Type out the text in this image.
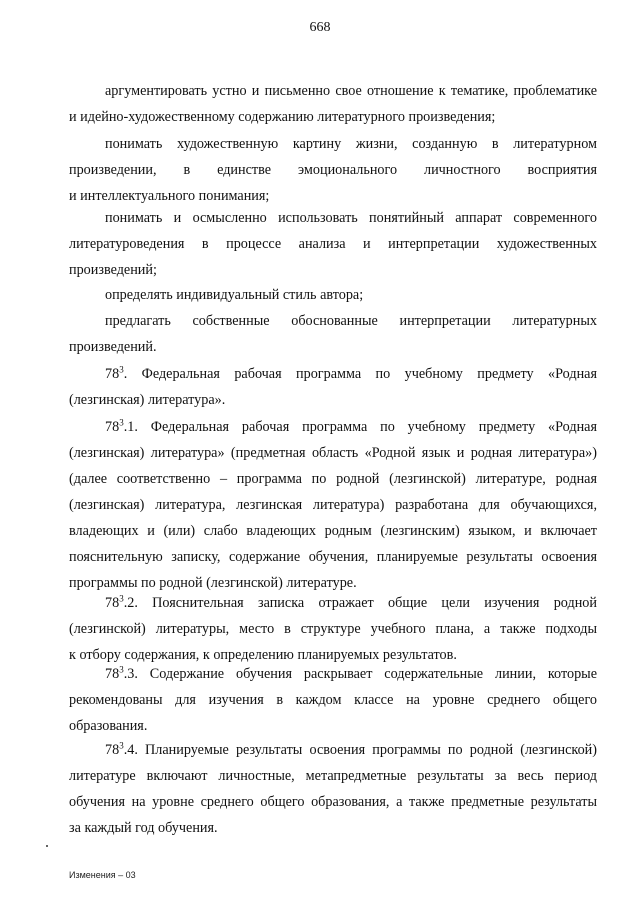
668
аргументировать устно и письменно свое отношение к тематике, проблематике
и идейно-художественному содержанию литературного произведения;
понимать художественную картину жизни, созданную в литературном
произведении, в единстве эмоционального личностного восприятия
и интеллектуального понимания;
понимать и осмысленно использовать понятийный аппарат современного
литературоведения в процессе анализа и интерпретации художественных
произведений;
определять индивидуальный стиль автора;
предлагать собственные обоснованные интерпретации литературных
произведений.
$78^3$. Федеральная рабочая программа по учебному предмету «Родная
(лезгинская) литература».
$78^3.1$. Федеральная рабочая программа по учебному предмету «Родная
(лезгинская) литература» (предметная область «Родной язык и родная литература»)
(далее соответственно – программа по родной (лезгинской) литературе, родная
(лезгинская) литература, лезгинская литература) разработана для обучающихся,
владеющих и (или) слабо владеющих родным (лезгинским) языком, и включает
пояснительную записку, содержание обучения, планируемые результаты освоения
программы по родной (лезгинской) литературе.
$78^3.2$. Пояснительная записка отражает общие цели изучения родной
(лезгинской) литературы, место в структуре учебного плана, а также подходы
к отбору содержания, к определению планируемых результатов.
$78^3.3$. Содержание обучения раскрывает содержательные линии, которые
рекомендованы для изучения в каждом классе на уровне среднего общего
образования.
$78^3.4$. Планируемые результаты освоения программы по родной (лезгинской)
литературе включают личностные, метапредметные результаты за весь период
обучения на уровне среднего общего образования, а также предметные результаты
за каждый год обучения.
Изменения – 03
